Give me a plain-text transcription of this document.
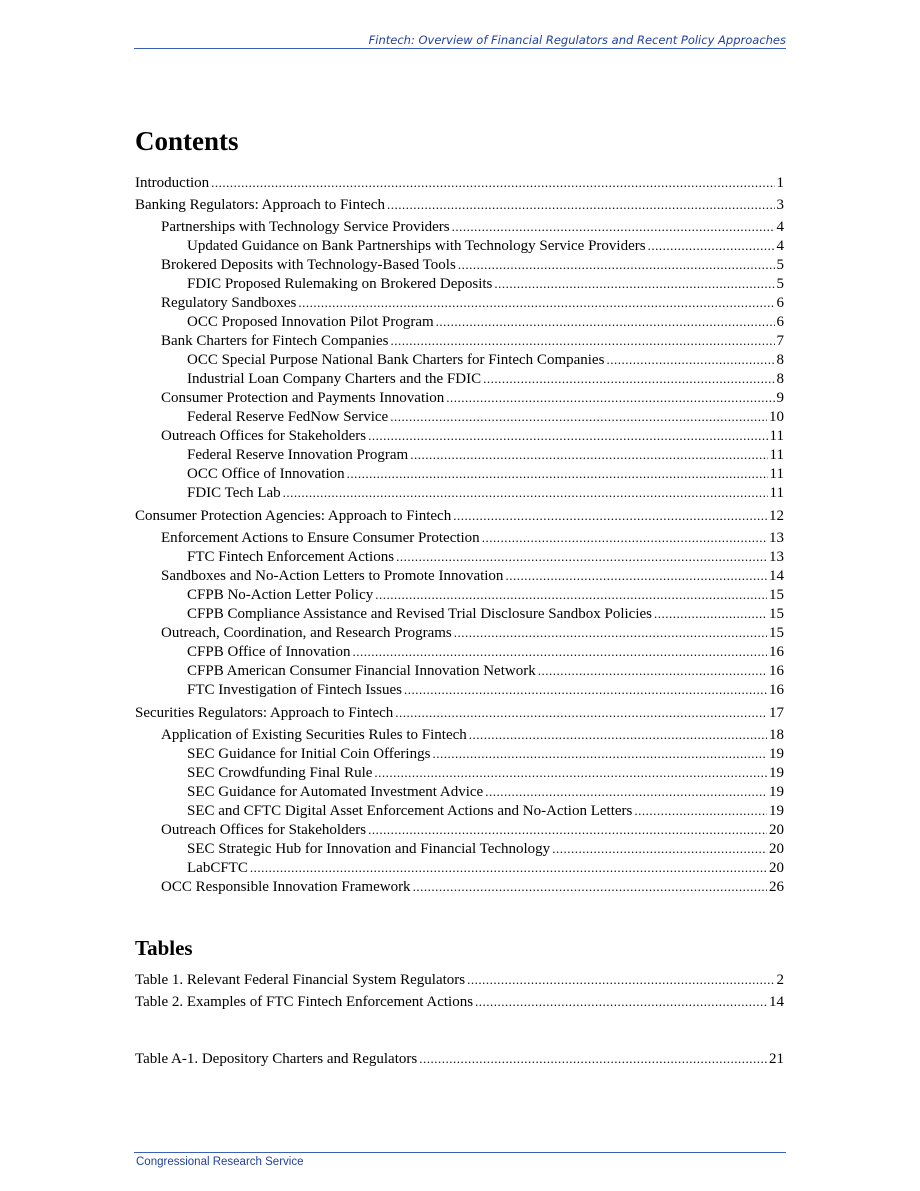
Fintech: Overview of Financial Regulators and Recent Policy Approaches
Contents
Introduction .....	1
Banking Regulators: Approach to Fintech .....	3
Partnerships with Technology Service Providers .....	4
Updated Guidance on Bank Partnerships with Technology Service Providers .....	4
Brokered Deposits with Technology-Based Tools .....	5
FDIC Proposed Rulemaking on Brokered Deposits .....	5
Regulatory Sandboxes .....	6
OCC Proposed Innovation Pilot Program .....	6
Bank Charters for Fintech Companies .....	7
OCC Special Purpose National Bank Charters for Fintech Companies .....	8
Industrial Loan Company Charters and the FDIC .....	8
Consumer Protection and Payments Innovation .....	9
Federal Reserve FedNow Service .....	10
Outreach Offices for Stakeholders .....	11
Federal Reserve Innovation Program .....	11
OCC Office of Innovation .....	11
FDIC Tech Lab .....	11
Consumer Protection Agencies: Approach to Fintech .....	12
Enforcement Actions to Ensure Consumer Protection .....	13
FTC Fintech Enforcement Actions .....	13
Sandboxes and No-Action Letters to Promote Innovation .....	14
CFPB No-Action Letter Policy .....	15
CFPB Compliance Assistance and Revised Trial Disclosure Sandbox Policies .....	15
Outreach, Coordination, and Research Programs .....	15
CFPB Office of Innovation .....	16
CFPB American Consumer Financial Innovation Network .....	16
FTC Investigation of Fintech Issues .....	16
Securities Regulators: Approach to Fintech .....	17
Application of Existing Securities Rules to Fintech .....	18
SEC Guidance for Initial Coin Offerings .....	19
SEC Crowdfunding Final Rule .....	19
SEC Guidance for Automated Investment Advice .....	19
SEC and CFTC Digital Asset Enforcement Actions and No-Action Letters .....	19
Outreach Offices for Stakeholders .....	20
SEC Strategic Hub for Innovation and Financial Technology .....	20
LabCFTC .....	20
OCC Responsible Innovation Framework .....	26
Tables
Table 1. Relevant Federal Financial System Regulators .....	2
Table 2. Examples of FTC Fintech Enforcement Actions .....	14
Table A-1. Depository Charters and Regulators .....	21
Congressional Research Service
